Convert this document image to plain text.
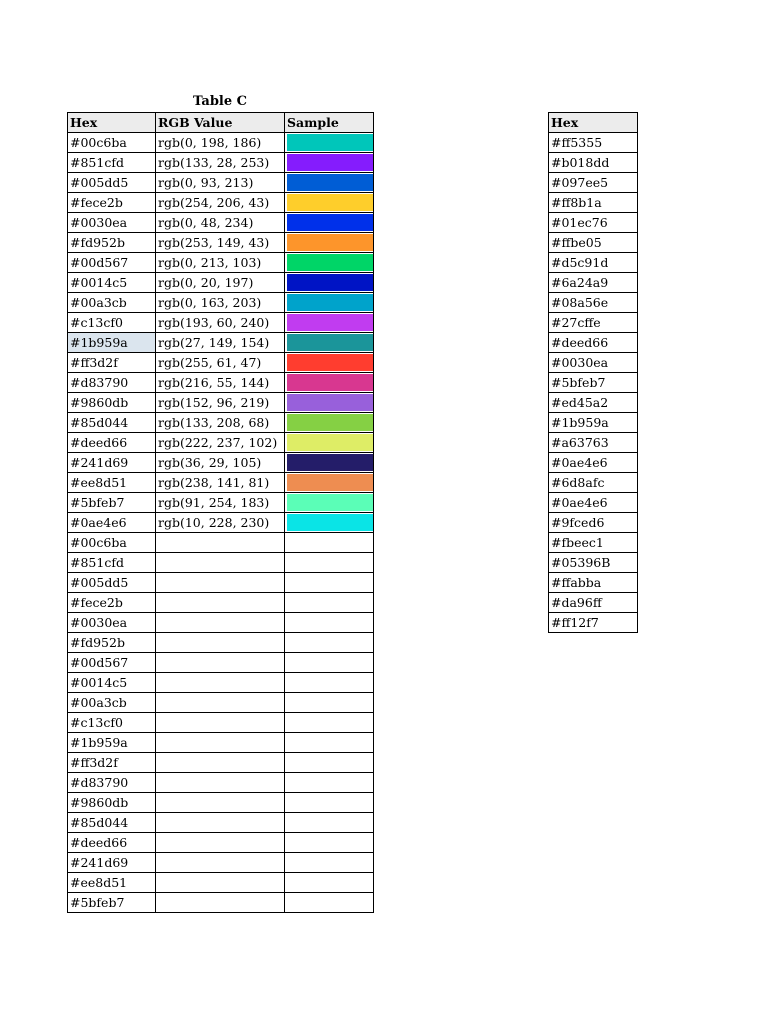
Table C
Hex	RGB Value	Sample
#00c6ba	rgb(0, 198, 186)	

#851cfd	rgb(133, 28, 253)	

#005dd5	rgb(0, 93, 213)	

#fece2b	rgb(254, 206, 43)	

#0030ea	rgb(0, 48, 234)	

#fd952b	rgb(253, 149, 43)	

#00d567	rgb(0, 213, 103)	

#0014c5	rgb(0, 20, 197)	

#00a3cb	rgb(0, 163, 203)	

#c13cf0	rgb(193, 60, 240)	

#1b959a	rgb(27, 149, 154)	

#ff3d2f	rgb(255, 61, 47)	

#d83790	rgb(216, 55, 144)	

#9860db	rgb(152, 96, 219)	

#85d044	rgb(133, 208, 68)	

#deed66	rgb(222, 237, 102)	

#241d69	rgb(36, 29, 105)	

#ee8d51	rgb(238, 141, 81)	

#5bfeb7	rgb(91, 254, 183)	

#0ae4e6	rgb(10, 228, 230)	

#00c6ba		
#851cfd		
#005dd5		
#fece2b		
#0030ea		
#fd952b		
#00d567		
#0014c5		
#00a3cb		
#c13cf0		
#1b959a		
#ff3d2f		
#d83790		
#9860db		
#85d044		
#deed66		
#241d69		
#ee8d51		
#5bfeb7		
Hex
#ff5355
#b018dd
#097ee5
#ff8b1a
#01ec76
#ffbe05
#d5c91d
#6a24a9
#08a56e
#27cffe
#deed66
#0030ea
#5bfeb7
#ed45a2
#1b959a
#a63763
#0ae4e6
#6d8afc
#0ae4e6
#9fced6
#fbeec1
#05396B
#ffabba
#da96ff
#ff12f7
